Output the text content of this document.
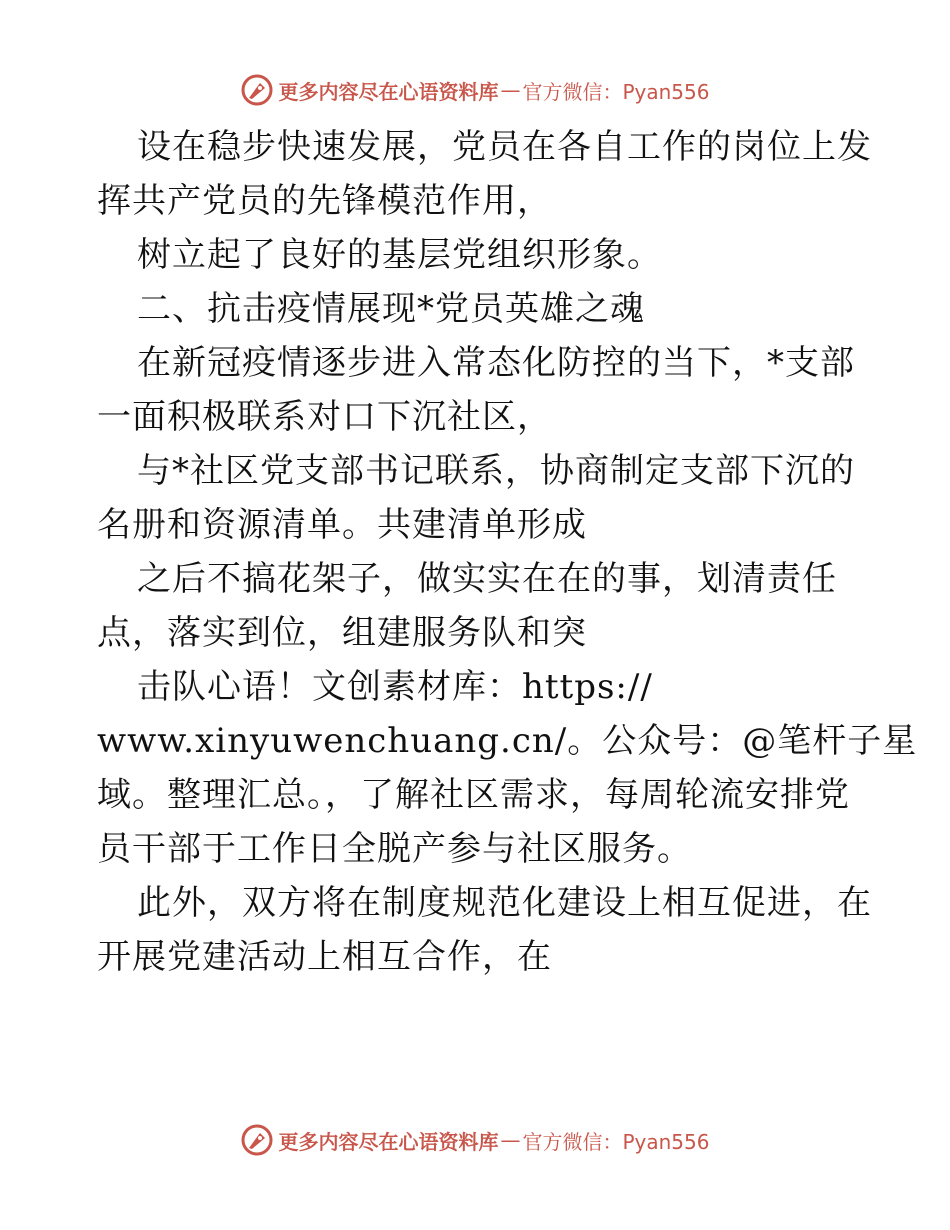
更多内容尽在心语资料库 — 官方微信：Pyan556
设在稳步快速发展，党员在各自工作的岗位上发
挥共产党员的先锋模范作用，
树立起了良好的基层党组织形象。
二、抗击疫情展现*党员英雄之魂
在新冠疫情逐步进入常态化防控的当下，*支部
一面积极联系对口下沉社区，
与*社区党支部书记联系，协商制定支部下沉的
名册和资源清单。共建清单形成
之后不搞花架子，做实实在在的事，划清责任
点，落实到位，组建服务队和突
击队心语！文创素材库：https://
www.xinyuwenchuang.cn/。公众号：@笔杆子星
域。整理汇总。，了解社区需求，每周轮流安排党
员干部于工作日全脱产参与社区服务。
此外，双方将在制度规范化建设上相互促进，在
开展党建活动上相互合作，在
更多内容尽在心语资料库 — 官方微信：Pyan556
